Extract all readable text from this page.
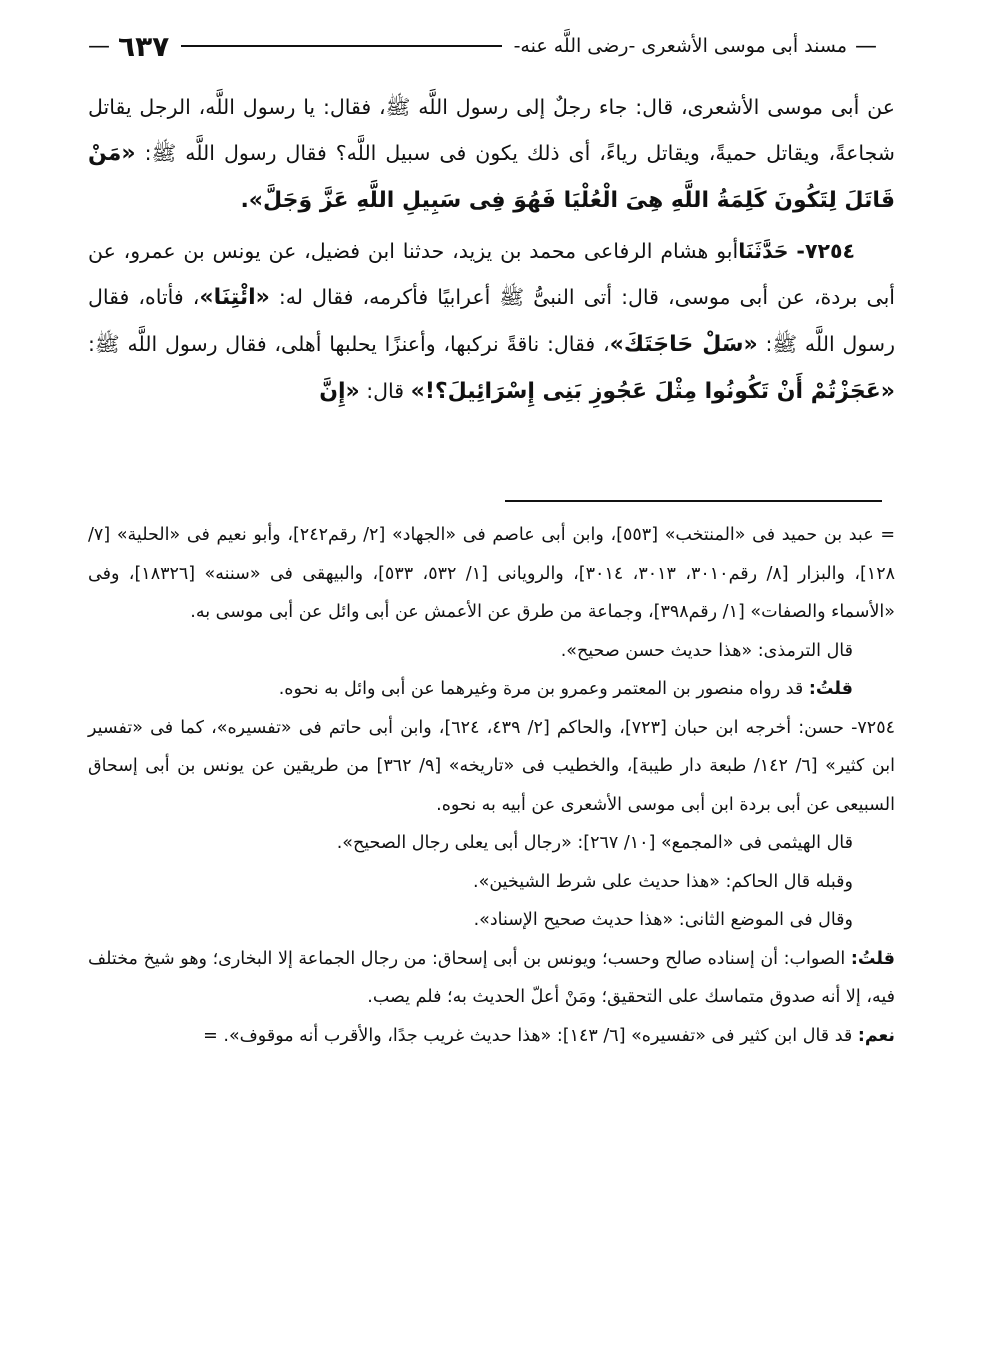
—
مسند أبى موسى الأشعرى -رضى اللَّه عنه-
٦٣٧
—

عن أبى موسى الأشعرى، قال: جاء رجلٌ إلى رسول اللَّه ﷺ، فقال: يا رسول اللَّه، الرجل يقاتل شجاعةً، ويقاتل حميةً، ويقاتل رياءً، أى ذلك يكون فى سبيل اللَّه؟ فقال رسول اللَّه ﷺ: «مَنْ قَاتَلَ لِتَكُونَ كَلِمَةُ اللَّهِ هِىَ الْعُلْيَا فَهُوَ فِى سَبِيلِ اللَّهِ عَزَّ وَجَلَّ».

٧٢٥٤- حَدَّثَنَاأبو هشام الرفاعى محمد بن يزيد، حدثنا ابن فضيل، عن يونس بن عمرو، عن أبى بردة، عن أبى موسى، قال: أتى النبىُّ ﷺ أعرابيًا فأكرمه، فقال له: «ائْتِنَا»، فأتاه، فقال رسول اللَّه ﷺ: «سَلْ حَاجَتَكَ»، فقال: ناقةً نركبها، وأعنزًا يحلبها أهلى، فقال رسول اللَّه ﷺ: «عَجَزْتُمْ أَنْ تَكُونُوا مِثْلَ عَجُوزِ بَنِى إِسْرَائِيلَ؟!» قال: «إِنَّ

= عبد بن حميد فى «المنتخب» [٥٥٣]، وابن أبى عاصم فى «الجهاد» [٢/ رقم٢٤٢]، وأبو نعيم فى «الحلية» [٧/ ١٢٨]، والبزار [٨/ رقم٣٠١٠، ٣٠١٣، ٣٠١٤]، والرويانى [١/ ٥٣٢، ٥٣٣]، والبيهقى فى «سننه» [١٨٣٢٦]، وفى «الأسماء والصفات» [١/ رقم٣٩٨]، وجماعة من طرق عن الأعمش عن أبى وائل عن أبى موسى به.

قال الترمذى: «هذا حديث حسن صحيح».

قلتُ: قد رواه منصور بن المعتمر وعمرو بن مرة وغيرهما عن أبى وائل به نحوه.

٧٢٥٤- حسن: أخرجه ابن حبان [٧٢٣]، والحاكم [٢/ ٤٣٩، ٦٢٤]، وابن أبى حاتم فى «تفسيره»، كما فى «تفسير ابن كثير» [٦/ ١٤٢/ طبعة دار طيبة]، والخطيب فى «تاريخه» [٩/ ٣٦٢] من طريقين عن يونس بن أبى إسحاق السبيعى عن أبى بردة ابن أبى موسى الأشعرى عن أبيه به نحوه.

قال الهيثمى فى «المجمع» [١٠/ ٢٦٧]: «رجال أبى يعلى رجال الصحيح».

وقبله قال الحاكم: «هذا حديث على شرط الشيخين».

وقال فى الموضع الثانى: «هذا حديث صحيح الإسناد».

قلتُ: الصواب: أن إسناده صالح وحسب؛ ويونس بن أبى إسحاق: من رجال الجماعة إلا البخارى؛ وهو شيخ مختلف فيه، إلا أنه صدوق متماسك على التحقيق؛ ومَنْ أعلّ الحديث به؛ فلم يصب.

نعم: قد قال ابن كثير فى «تفسيره» [٦/ ١٤٣]: «هذا حديث غريب جدًا، والأقرب أنه موقوف». =
